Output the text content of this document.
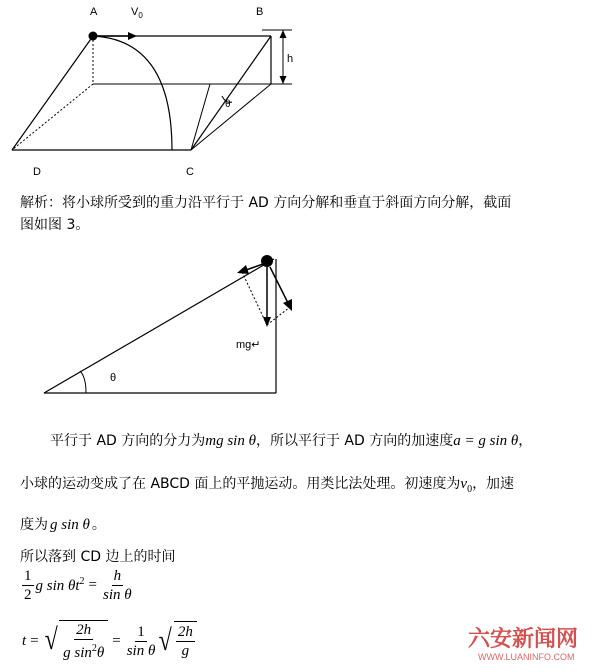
A	$V_0$	B
h
θ
D	C
解析：将小球所受到的重力沿平行于 AD 方向分解和垂直于斜面方向分解，截面
图如图 3。
mg↵
θ
平行于 AD 方向的分力为 mg sin θ ，所以平行于 AD 方向的加速度 a = g sin θ ，
小球的运动变成了在 ABCD 面上的平抛运动。用类比法处理。初速度为 $v_0$ ，加速
度为 g sin θ 。
所以落到 CD 边上的时间
$\frac{1}{2}$ g $\sin \theta t^2 = \frac{h}{\text{sin θ}}$
t = √ $\frac{2h}{g \sin^2\theta} = \frac{1}{\text{sin θ}}$ √ $\frac{2h}{g}$	六安新闻网
WWW.LUANINFO.COM
